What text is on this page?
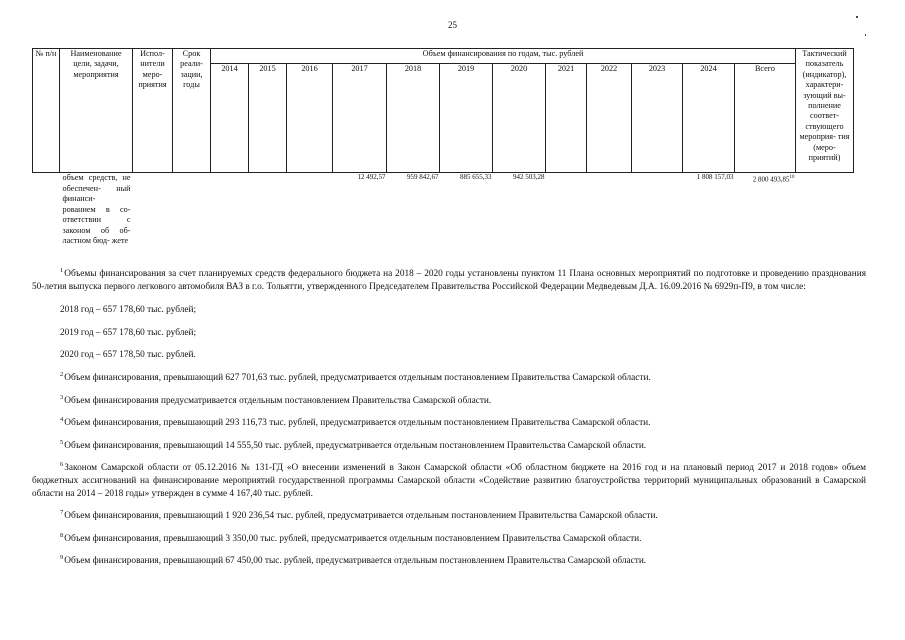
25
№ п/н	Наименование цели, задачи, мероприятия	Испол- нители меро- приятия	Срок реали- зации, годы	Объем финансирования по годам, тыс. рублей												Тактический показатель (индикатор), характери- зующий вы- полнение соответ- ствующего мероприя- тия (меро- приятий)
				2014	2015	2016	2017	2018	2019	2020	2021	2022	2023	2024	Всего	
объем средств, не обеспечен- ный финанси- рованием в со- ответствии с законом об об- ластном бюд- жете							12 492,57	959 842,67	885 655,33	942 503,28				1 808 157,03	2 800 493,85$^{10}$	

$^1$Объемы финансирования за счет планируемых средств федерального бюджета на 2018 – 2020 годы установлены пунктом 11 Плана основных мероприятий по подготовке и проведению празднования 50-летия выпуска первого легкового автомобиля ВАЗ в г.о. Тольятти, утвержденного Председателем Правительства Российской Федерации Медведевым Д.А. 16.09.2016 № 6929п-П9, в том числе:

2018 год – 657 178,60 тыс. рублей;

2019 год – 657 178,60 тыс. рублей;

2020 год – 657 178,50 тыс. рублей.

$^2$Объем финансирования, превышающий 627 701,63 тыс. рублей, предусматривается отдельным постановлением Правительства Самарской области.

$^3$Объем финансирования предусматривается отдельным постановлением Правительства Самарской области.

$^4$Объем финансирования, превышающий 293 116,73 тыс. рублей, предусматривается отдельным постановлением Правительства Самарской области.

$^5$Объем финансирования, превышающий 14 555,50 тыс. рублей, предусматривается отдельным постановлением Правительства Самарской области.

$^6$Законом Самарской области от 05.12.2016 № 131-ГД «О внесении изменений в Закон Самарской области «Об областном бюджете на 2016 год и на плановый период 2017 и 2018 годов» объем бюджетных ассигнований на финансирование мероприятий государственной программы Самарской области «Содействие развитию благоустройства территорий муниципальных образований в Самарской области на 2014 – 2018 годы» утвержден в сумме 4 167,40 тыс. рублей.

$^7$Объем финансирования, превышающий 1 920 236,54 тыс. рублей, предусматривается отдельным постановлением Правительства Самарской области.

$^8$Объем финансирования, превышающий 3 350,00 тыс. рублей, предусматривается отдельным постановлением Правительства Самарской области.

$^9$Объем финансирования, превышающий 67 450,00 тыс. рублей, предусматривается отдельным постановлением Правительства Самарской области.
